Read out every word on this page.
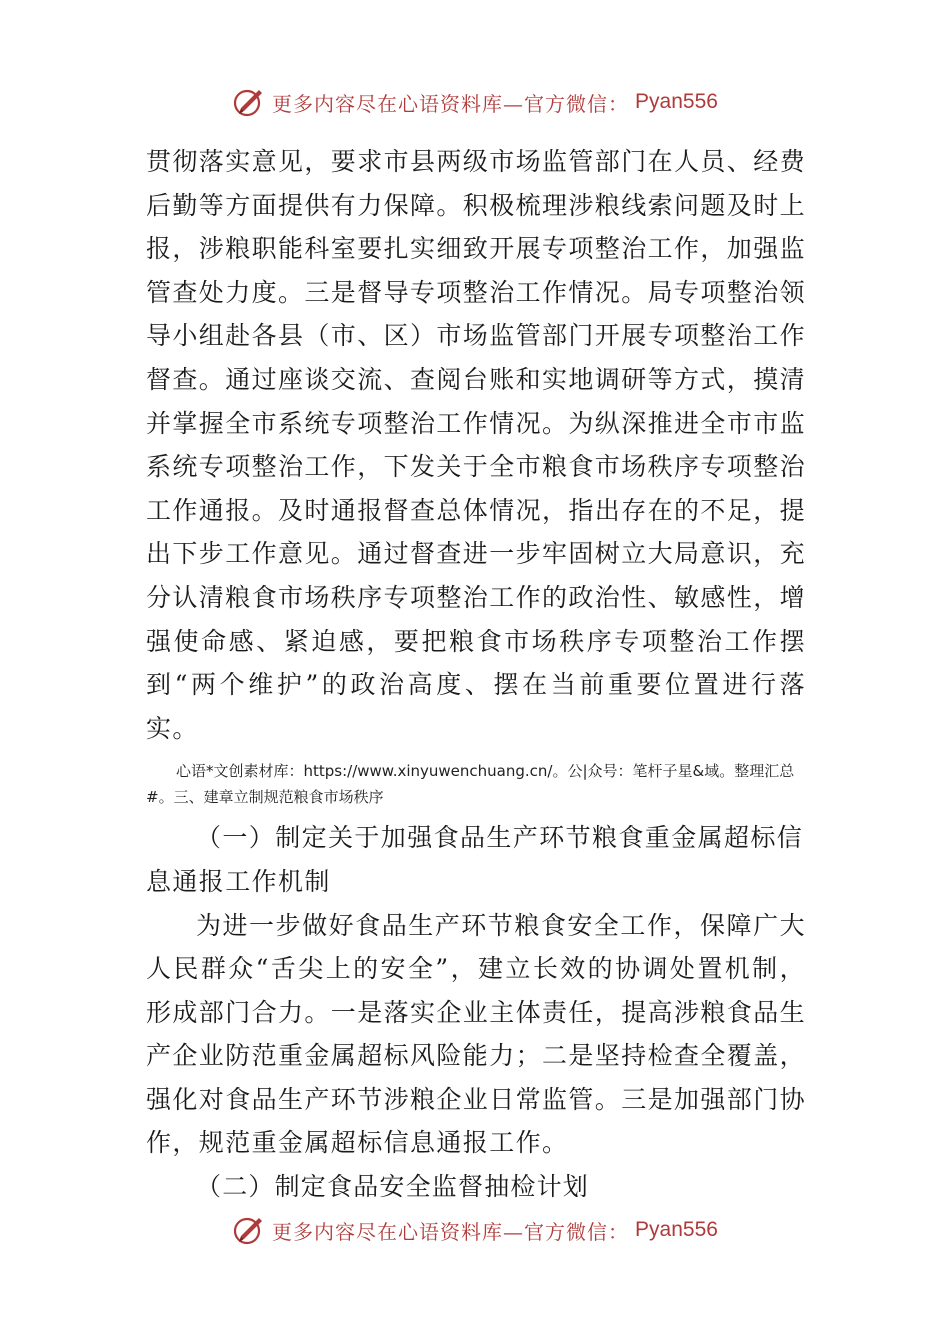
更多内容尽在心语资料库—官方微信： Pyan556

贯彻落实意见，要求市县两级市场监管部门在人员、经费后勤等方面提供有力保障。积极梳理涉粮线索问题及时上报，涉粮职能科室要扎实细致开展专项整治工作，加强监管查处力度。三是督导专项整治工作情况。局专项整治领导小组赴各县（市、区）市场监管部门开展专项整治工作督查。通过座谈交流、查阅台账和实地调研等方式，摸清并掌握全市系统专项整治工作情况。为纵深推进全市市监系统专项整治工作，下发关于全市粮食市场秩序专项整治工作通报。及时通报督查总体情况，指出存在的不足，提出下步工作意见。通过督查进一步牢固树立大局意识，充分认清粮食市场秩序专项整治工作的政治性、敏感性，增强使命感、紧迫感，要把粮食市场秩序专项整治工作摆到“两个维护”的政治高度、摆在当前重要位置进行落实。

心语*文创素材库：https://www.xinyuwenchuang.cn/。公|众号：笔杆子星&域。整理汇总#。三、建章立制规范粮食市场秩序

（一）制定关于加强食品生产环节粮食重金属超标信息通报工作机制

为进一步做好食品生产环节粮食安全工作，保障广大人民群众“舌尖上的安全”，建立长效的协调处置机制，形成部门合力。一是落实企业主体责任，提高涉粮食品生产企业防范重金属超标风险能力；二是坚持检查全覆盖，强化对食品生产环节涉粮企业日常监管。三是加强部门协作，规范重金属超标信息通报工作。

（二）制定食品安全监督抽检计划

更多内容尽在心语资料库—官方微信： Pyan556
